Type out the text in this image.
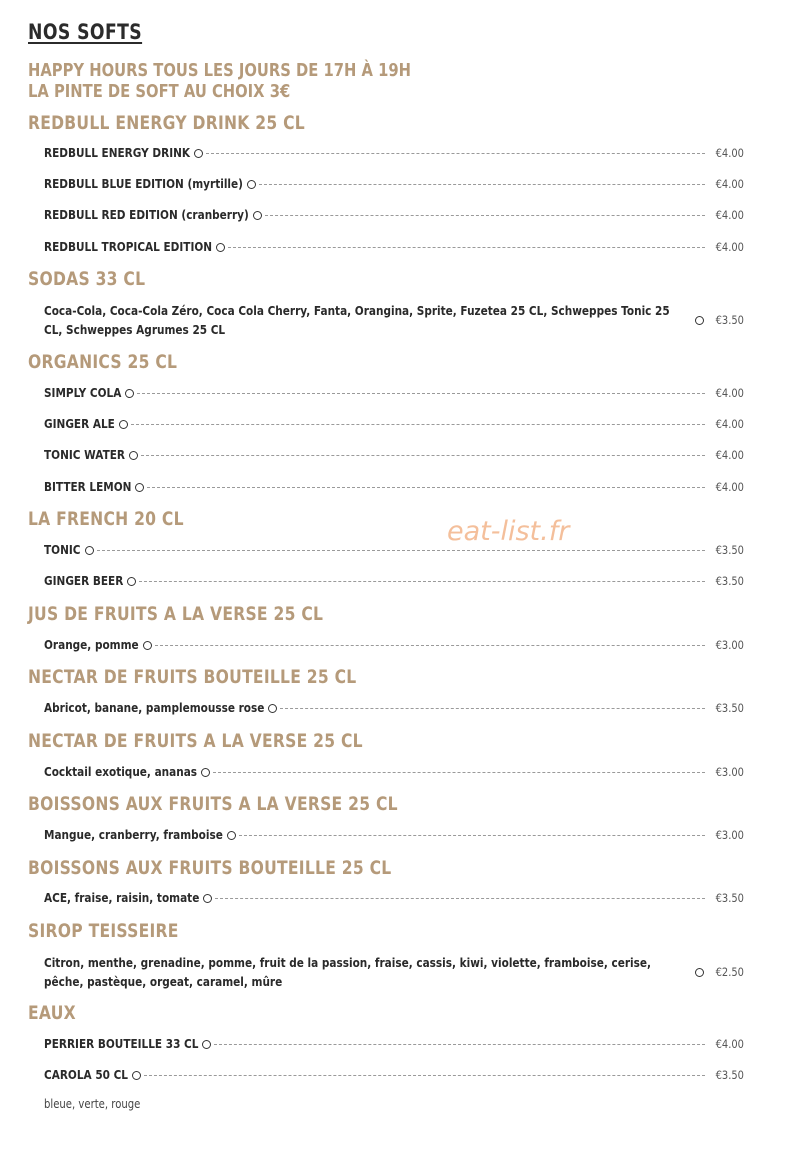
NOS SOFTS
HAPPY HOURS TOUS LES JOURS DE 17H À 19H
LA PINTE DE SOFT AU CHOIX 3€
REDBULL ENERGY DRINK 25 CL
REDBULL ENERGY DRINK	€4.00
REDBULL BLUE EDITION (myrtille)	€4.00
REDBULL RED EDITION (cranberry)	€4.00
REDBULL TROPICAL EDITION	€4.00
SODAS 33 CL
Coca-Cola, Coca-Cola Zéro, Coca Cola Cherry, Fanta, Orangina, Sprite, Fuzetea 25 CL, Schweppes Tonic 25 CL, Schweppes Agrumes 25 CL
€3.50
ORGANICS 25 CL
SIMPLY COLA	€4.00
GINGER ALE	€4.00
TONIC WATER	€4.00
BITTER LEMON	€4.00
LA FRENCH 20 CL
TONIC	€3.50
GINGER BEER	€3.50
JUS DE FRUITS A LA VERSE 25 CL
Orange, pomme	€3.00
NECTAR DE FRUITS BOUTEILLE 25 CL
Abricot, banane, pamplemousse rose	€3.50
NECTAR DE FRUITS A LA VERSE 25 CL
Cocktail exotique, ananas	€3.00
BOISSONS AUX FRUITS A LA VERSE 25 CL
Mangue, cranberry, framboise	€3.00
BOISSONS AUX FRUITS BOUTEILLE 25 CL
ACE, fraise, raisin, tomate	€3.50
SIROP TEISSEIRE
Citron, menthe, grenadine, pomme, fruit de la passion, fraise, cassis, kiwi, violette, framboise, cerise, pêche, pastèque, orgeat, caramel, mûre
€2.50
EAUX
PERRIER BOUTEILLE 33 CL	€4.00
CAROLA 50 CL	€3.50
bleue, verte, rouge
eat-list.fr
